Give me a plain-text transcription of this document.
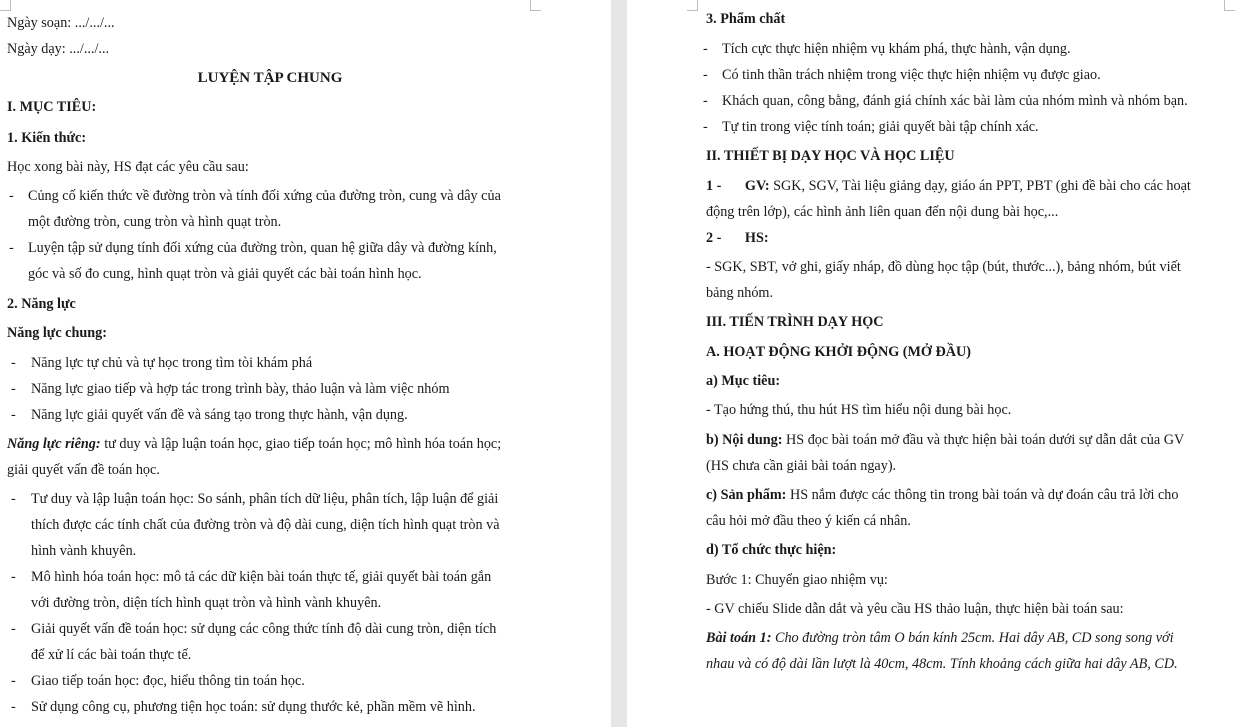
Ngày soạn: .../.../...
Ngày dạy: .../.../...
LUYỆN TẬP CHUNG
I. MỤC TIÊU:
1. Kiến thức:
Học xong bài này, HS đạt các yêu cầu sau:
- Củng cố kiến thức về đường tròn và tính đối xứng của đường tròn, cung và dây của
một đường tròn, cung tròn và hình quạt tròn.
- Luyện tập sử dụng tính đối xứng của đường tròn, quan hệ giữa dây và đường kính,
góc và số đo cung, hình quạt tròn và giải quyết các bài toán hình học.
2. Năng lực
Năng lực chung:
- Năng lực tự chủ và tự học trong tìm tòi khám phá
- Năng lực giao tiếp và hợp tác trong trình bày, thảo luận và làm việc nhóm
- Năng lực giải quyết vấn đề và sáng tạo trong thực hành, vận dụng.
Năng lực riêng: tư duy và lập luận toán học, giao tiếp toán học; mô hình hóa toán học;
giải quyết vấn đề toán học.
- Tư duy và lập luận toán học: So sánh, phân tích dữ liệu, phân tích, lập luận để giải
thích được các tính chất của đường tròn và độ dài cung, diện tích hình quạt tròn và
hình vành khuyên.
- Mô hình hóa toán học: mô tả các dữ kiện bài toán thực tế, giải quyết bài toán gắn
với đường tròn, diện tích hình quạt tròn và hình vành khuyên.
- Giải quyết vấn đề toán học: sử dụng các công thức tính độ dài cung tròn, diện tích
để xử lí các bài toán thực tế.
- Giao tiếp toán học: đọc, hiểu thông tin toán học.
- Sử dụng công cụ, phương tiện học toán: sử dụng thước kẻ, phần mềm vẽ hình.
3. Phẩm chất
- Tích cực thực hiện nhiệm vụ khám phá, thực hành, vận dụng.
- Có tinh thần trách nhiệm trong việc thực hiện nhiệm vụ được giao.
- Khách quan, công bằng, đánh giá chính xác bài làm của nhóm mình và nhóm bạn.
- Tự tin trong việc tính toán; giải quyết bài tập chính xác.
II. THIẾT BỊ DẠY HỌC VÀ HỌC LIỆU
1 - GV: SGK, SGV, Tài liệu giảng dạy, giáo án PPT, PBT (ghi đề bài cho các hoạt
động trên lớp), các hình ảnh liên quan đến nội dung bài học,...
2 - HS:
- SGK, SBT, vở ghi, giấy nháp, đồ dùng học tập (bút, thước...), bảng nhóm, bút viết
bảng nhóm.
III. TIẾN TRÌNH DẠY HỌC
A. HOẠT ĐỘNG KHỞI ĐỘNG (MỞ ĐẦU)
a) Mục tiêu:
- Tạo hứng thú, thu hút HS tìm hiểu nội dung bài học.
b) Nội dung: HS đọc bài toán mở đầu và thực hiện bài toán dưới sự dẫn dắt của GV
(HS chưa cần giải bài toán ngay).
c) Sản phẩm: HS nắm được các thông tin trong bài toán và dự đoán câu trả lời cho
câu hỏi mở đầu theo ý kiến cá nhân.
d) Tổ chức thực hiện:
Bước 1: Chuyển giao nhiệm vụ:
- GV chiếu Slide dẫn dắt và yêu cầu HS thảo luận, thực hiện bài toán sau:
Bài toán 1: Cho đường tròn tâm O bán kính 25cm. Hai dây AB, CD song song với
nhau và có độ dài lần lượt là 40cm, 48cm. Tính khoảng cách giữa hai dây AB, CD.
